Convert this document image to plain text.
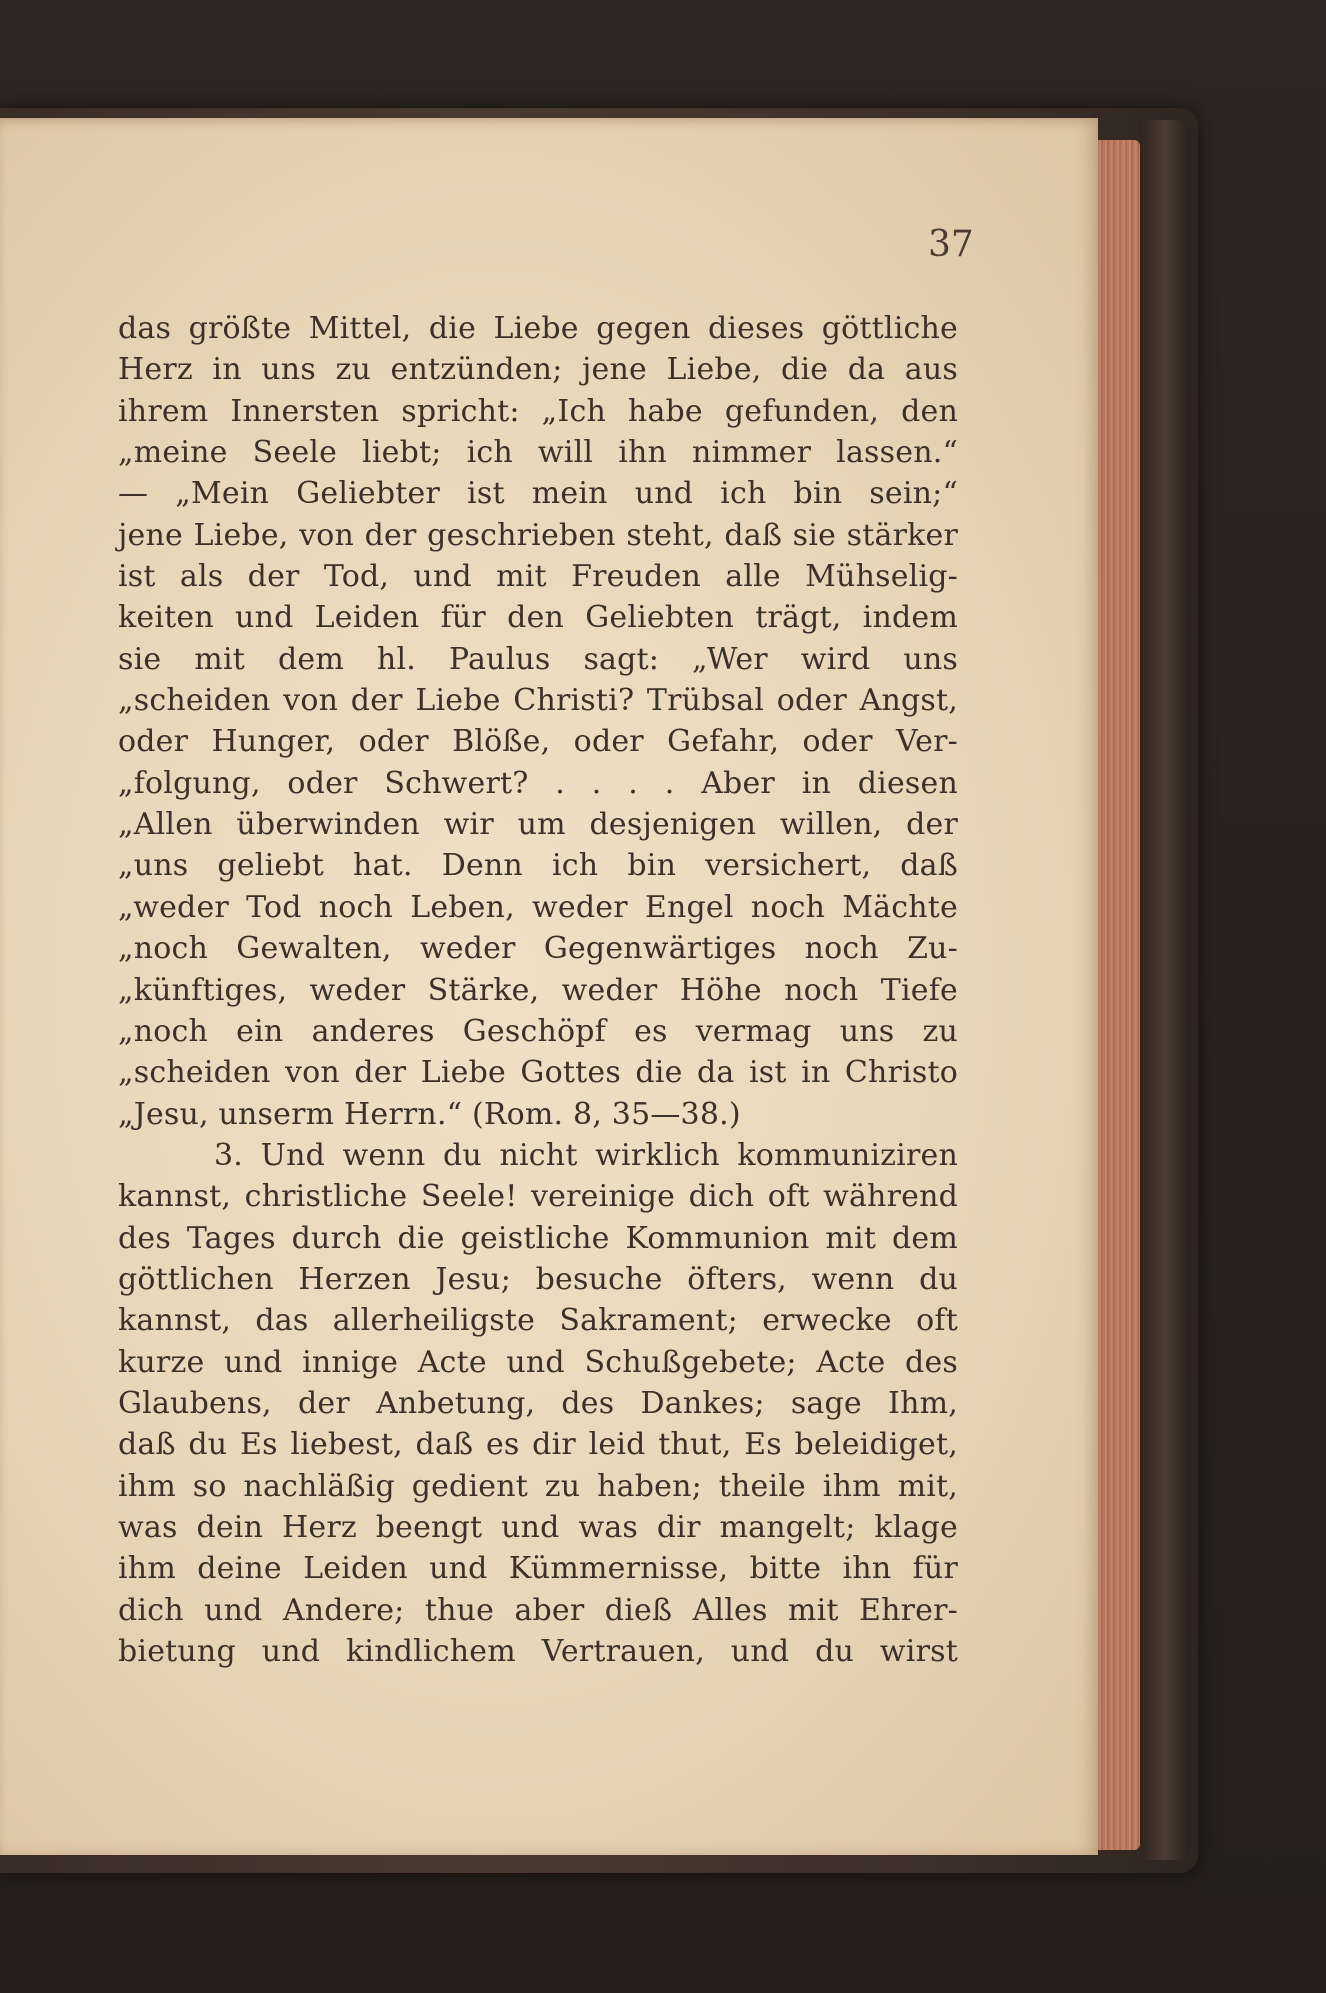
37
das größte Mittel, die Liebe gegen dieses göttliche
Herz in uns zu entzünden; jene Liebe, die da aus
ihrem Innersten spricht: „Ich habe gefunden, den
„meine Seele liebt; ich will ihn nimmer lassen.“
— „Mein Geliebter ist mein und ich bin sein;“
jene Liebe, von der geschrieben steht, daß sie stärker
ist als der Tod, und mit Freuden alle Mühselig-
keiten und Leiden für den Geliebten trägt, indem
sie mit dem hl. Paulus sagt: „Wer wird uns
„scheiden von der Liebe Christi? Trübsal oder Angst,
oder Hunger, oder Blöße, oder Gefahr, oder Ver-
„folgung, oder Schwert? . . . . Aber in diesen
„Allen überwinden wir um desjenigen willen, der
„uns geliebt hat. Denn ich bin versichert, daß
„weder Tod noch Leben, weder Engel noch Mächte
„noch Gewalten, weder Gegenwärtiges noch Zu-
„künftiges, weder Stärke, weder Höhe noch Tiefe
„noch ein anderes Geschöpf es vermag uns zu
„scheiden von der Liebe Gottes die da ist in Christo
„Jesu, unserm Herrn.“ (Rom. 8, 35—38.)
3. Und wenn du nicht wirklich kommuniziren
kannst, christliche Seele! vereinige dich oft während
des Tages durch die geistliche Kommunion mit dem
göttlichen Herzen Jesu; besuche öfters, wenn du
kannst, das allerheiligste Sakrament; erwecke oft
kurze und innige Acte und Schußgebete; Acte des
Glaubens, der Anbetung, des Dankes; sage Ihm,
daß du Es liebest, daß es dir leid thut, Es beleidiget,
ihm so nachläßig gedient zu haben; theile ihm mit,
was dein Herz beengt und was dir mangelt; klage
ihm deine Leiden und Kümmernisse, bitte ihn für
dich und Andere; thue aber dieß Alles mit Ehrer-
bietung und kindlichem Vertrauen, und du wirst
